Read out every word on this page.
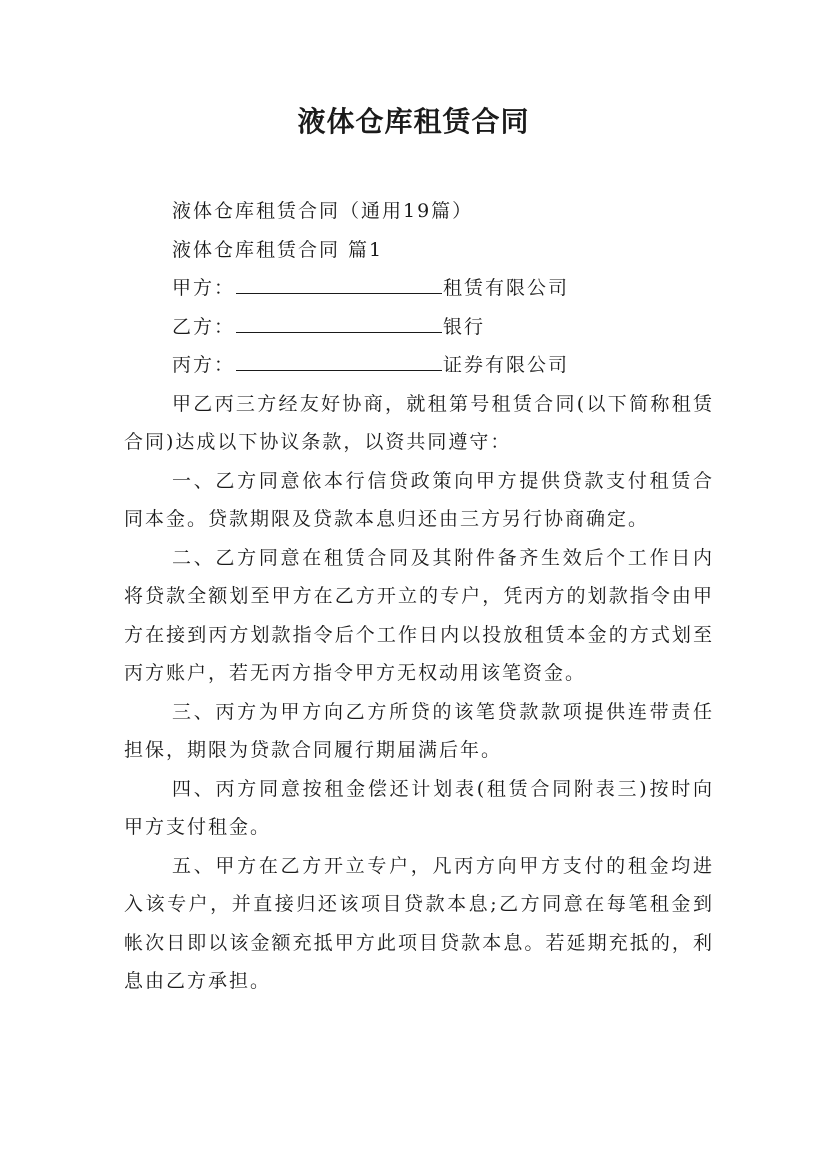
液体仓库租赁合同

液体仓库租赁合同（通用19篇）

液体仓库租赁合同 篇1

甲方：	租赁有限公司

乙方：	银行

丙方：	证券有限公司

甲乙丙三方经友好协商，就租第号租赁合同(以下简称租赁合同)达成以下协议条款，以资共同遵守：

一、乙方同意依本行信贷政策向甲方提供贷款支付租赁合同本金。贷款期限及贷款本息归还由三方另行协商确定。

二、乙方同意在租赁合同及其附件备齐生效后个工作日内将贷款全额划至甲方在乙方开立的专户，凭丙方的划款指令由甲方在接到丙方划款指令后个工作日内以投放租赁本金的方式划至丙方账户，若无丙方指令甲方无权动用该笔资金。

三、丙方为甲方向乙方所贷的该笔贷款款项提供连带责任担保，期限为贷款合同履行期届满后年。

四、丙方同意按租金偿还计划表(租赁合同附表三)按时向甲方支付租金。

五、甲方在乙方开立专户，凡丙方向甲方支付的租金均进入该专户，并直接归还该项目贷款本息;乙方同意在每笔租金到帐次日即以该金额充抵甲方此项目贷款本息。若延期充抵的，利息由乙方承担。
